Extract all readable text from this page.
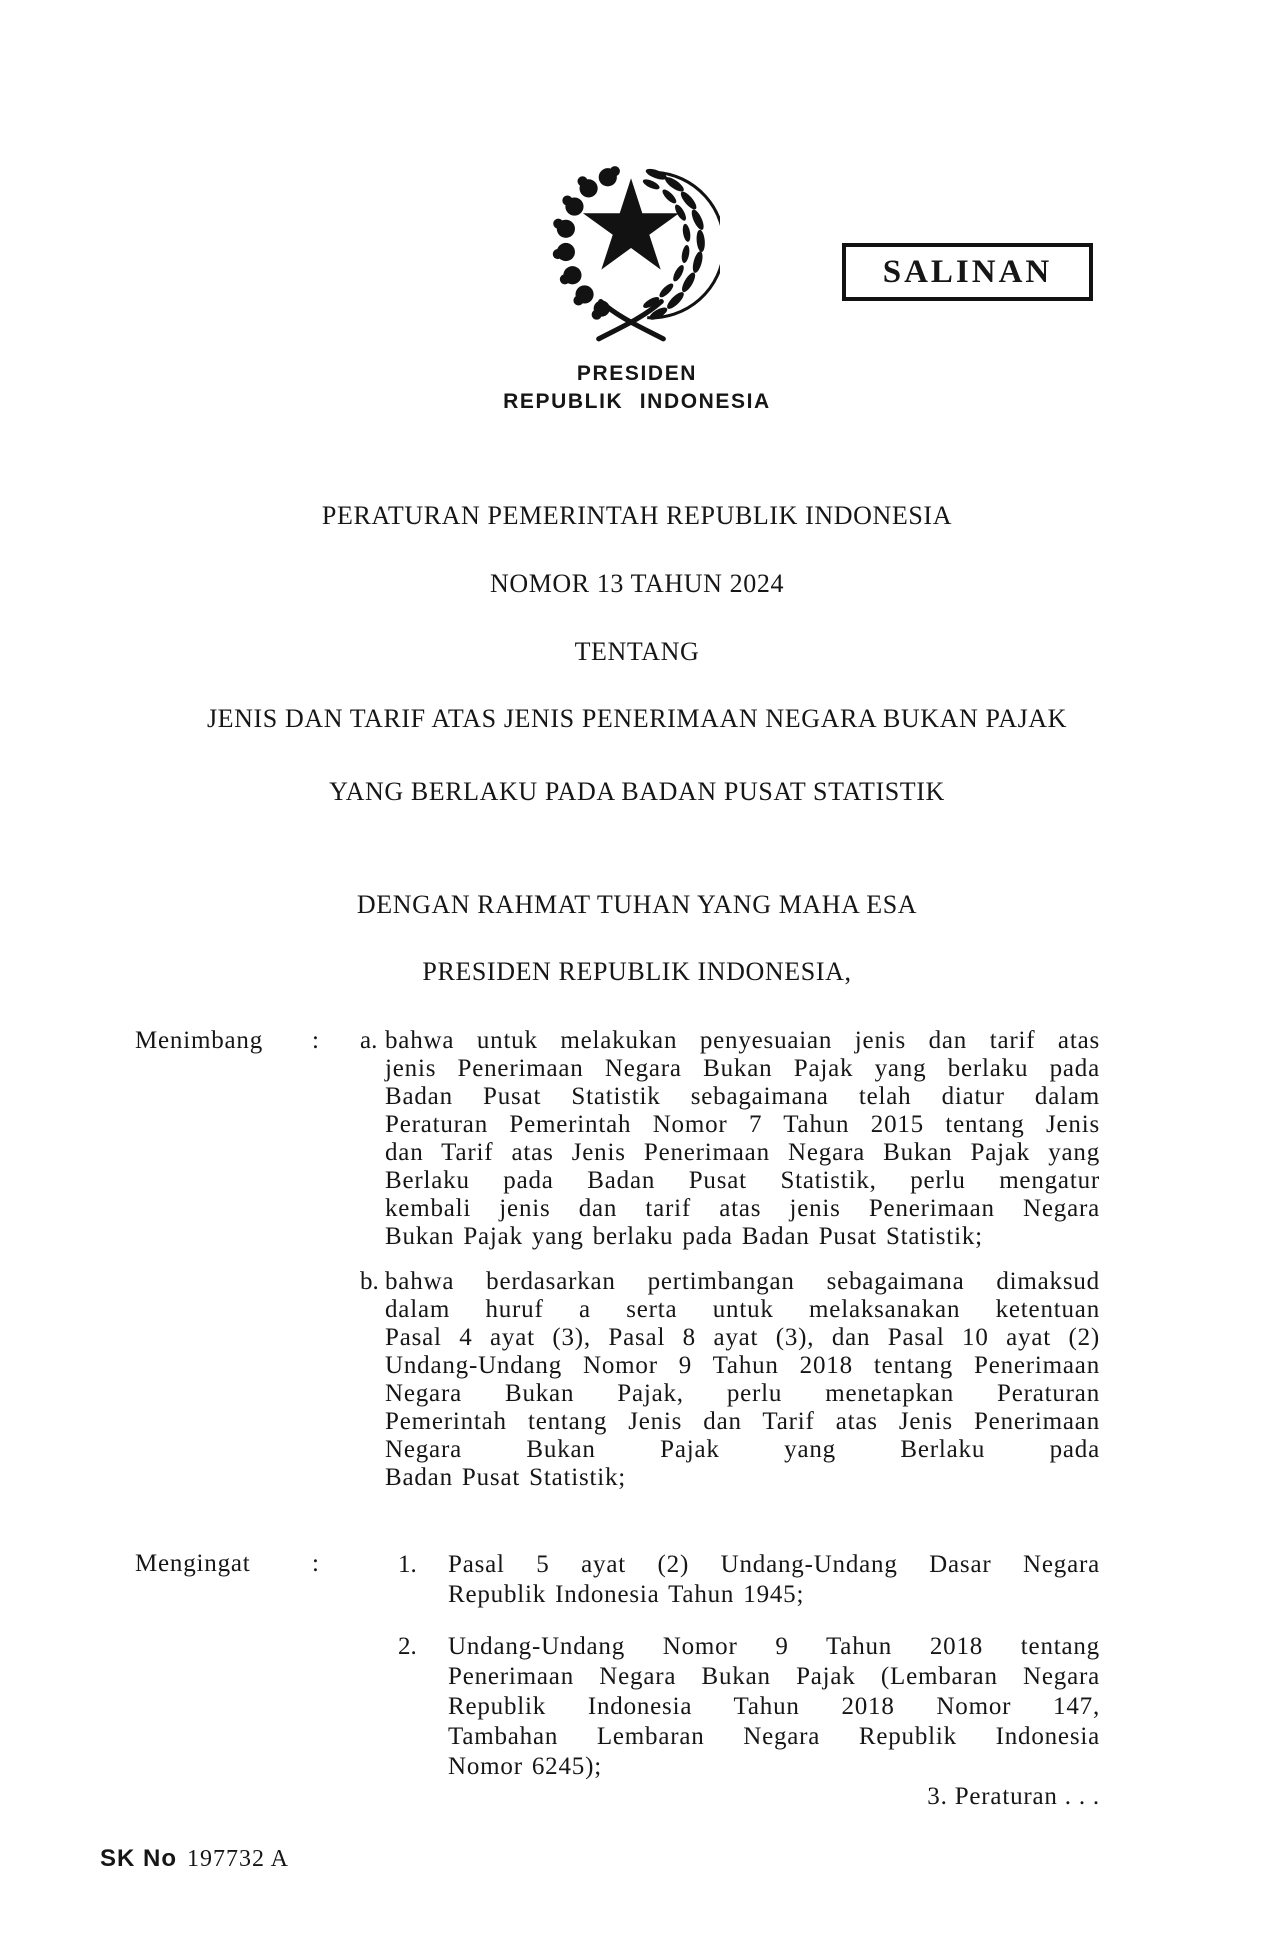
SALINAN
PRESIDEN
REPUBLIK INDONESIA
PERATURAN PEMERINTAH REPUBLIK INDONESIA
NOMOR 13 TAHUN 2024
TENTANG
JENIS DAN TARIF ATAS JENIS PENERIMAAN NEGARA BUKAN PAJAK
YANG BERLAKU PADA BADAN PUSAT STATISTIK
DENGAN RAHMAT TUHAN YANG MAHA ESA
PRESIDEN REPUBLIK INDONESIA,
Menimbang : a. bahwa untuk melakukan penyesuaian jenis dan tarif atas
jenis Penerimaan Negara Bukan Pajak yang berlaku pada
Badan Pusat Statistik sebagaimana telah diatur dalam
Peraturan Pemerintah Nomor 7 Tahun 2015 tentang Jenis
dan Tarif atas Jenis Penerimaan Negara Bukan Pajak yang
Berlaku pada Badan Pusat Statistik, perlu mengatur
kembali jenis dan tarif atas jenis Penerimaan Negara
Bukan Pajak yang berlaku pada Badan Pusat Statistik;
b. bahwa berdasarkan pertimbangan sebagaimana dimaksud
dalam huruf a serta untuk melaksanakan ketentuan
Pasal 4 ayat (3), Pasal 8 ayat (3), dan Pasal 10 ayat (2)
Undang-Undang Nomor 9 Tahun 2018 tentang Penerimaan
Negara Bukan Pajak, perlu menetapkan Peraturan
Pemerintah tentang Jenis dan Tarif atas Jenis Penerimaan
Negara Bukan Pajak yang Berlaku pada
Badan Pusat Statistik;
Mengingat :	1. Pasal 5 ayat (2) Undang-Undang Dasar Negara
Republik Indonesia Tahun 1945;
2. Undang-Undang Nomor 9 Tahun 2018 tentang
Penerimaan Negara Bukan Pajak (Lembaran Negara
Republik Indonesia Tahun 2018 Nomor 147,
Tambahan Lembaran Negara Republik Indonesia
Nomor 6245);
3. Peraturan . . .
SK No 197732 A
